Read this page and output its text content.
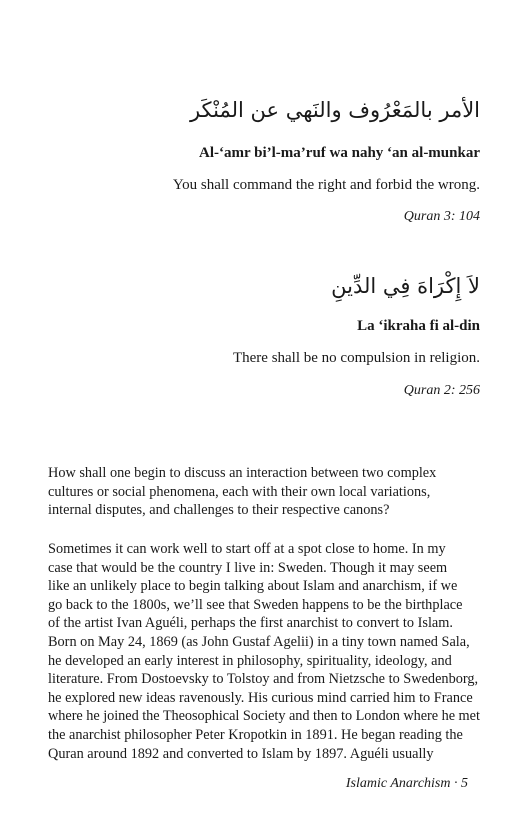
الأمر بالمَعْرُوف والنَهي عن المُنْكَر
Al-‘amr bi’l-ma’ruf wa nahy ‘an al-munkar
You shall command the right and forbid the wrong.
Quran 3: 104
لاَ إِكْرَاهَ فِي الدِّينِ
La ‘ikraha fi al-din
There shall be no compulsion in religion.
Quran 2: 256
How shall one begin to discuss an interaction between two complex
cultures or social phenomena, each with their own local variations,
internal disputes, and challenges to their respective canons?
Sometimes it can work well to start off at a spot close to home. In my
case that would be the country I live in: Sweden. Though it may seem
like an unlikely place to begin talking about Islam and anarchism, if we
go back to the 1800s, we’ll see that Sweden happens to be the birthplace
of the artist Ivan Aguéli, perhaps the first anarchist to convert to Islam.
Born on May 24, 1869 (as John Gustaf Agelii) in a tiny town named Sala,
he developed an early interest in philosophy, spirituality, ideology, and
literature. From Dostoevsky to Tolstoy and from Nietzsche to Swedenborg,
he explored new ideas ravenously. His curious mind carried him to France
where he joined the Theosophical Society and then to London where he met
the anarchist philosopher Peter Kropotkin in 1891. He began reading the
Quran around 1892 and converted to Islam by 1897. Aguéli usually
Islamic Anarchism · 5
